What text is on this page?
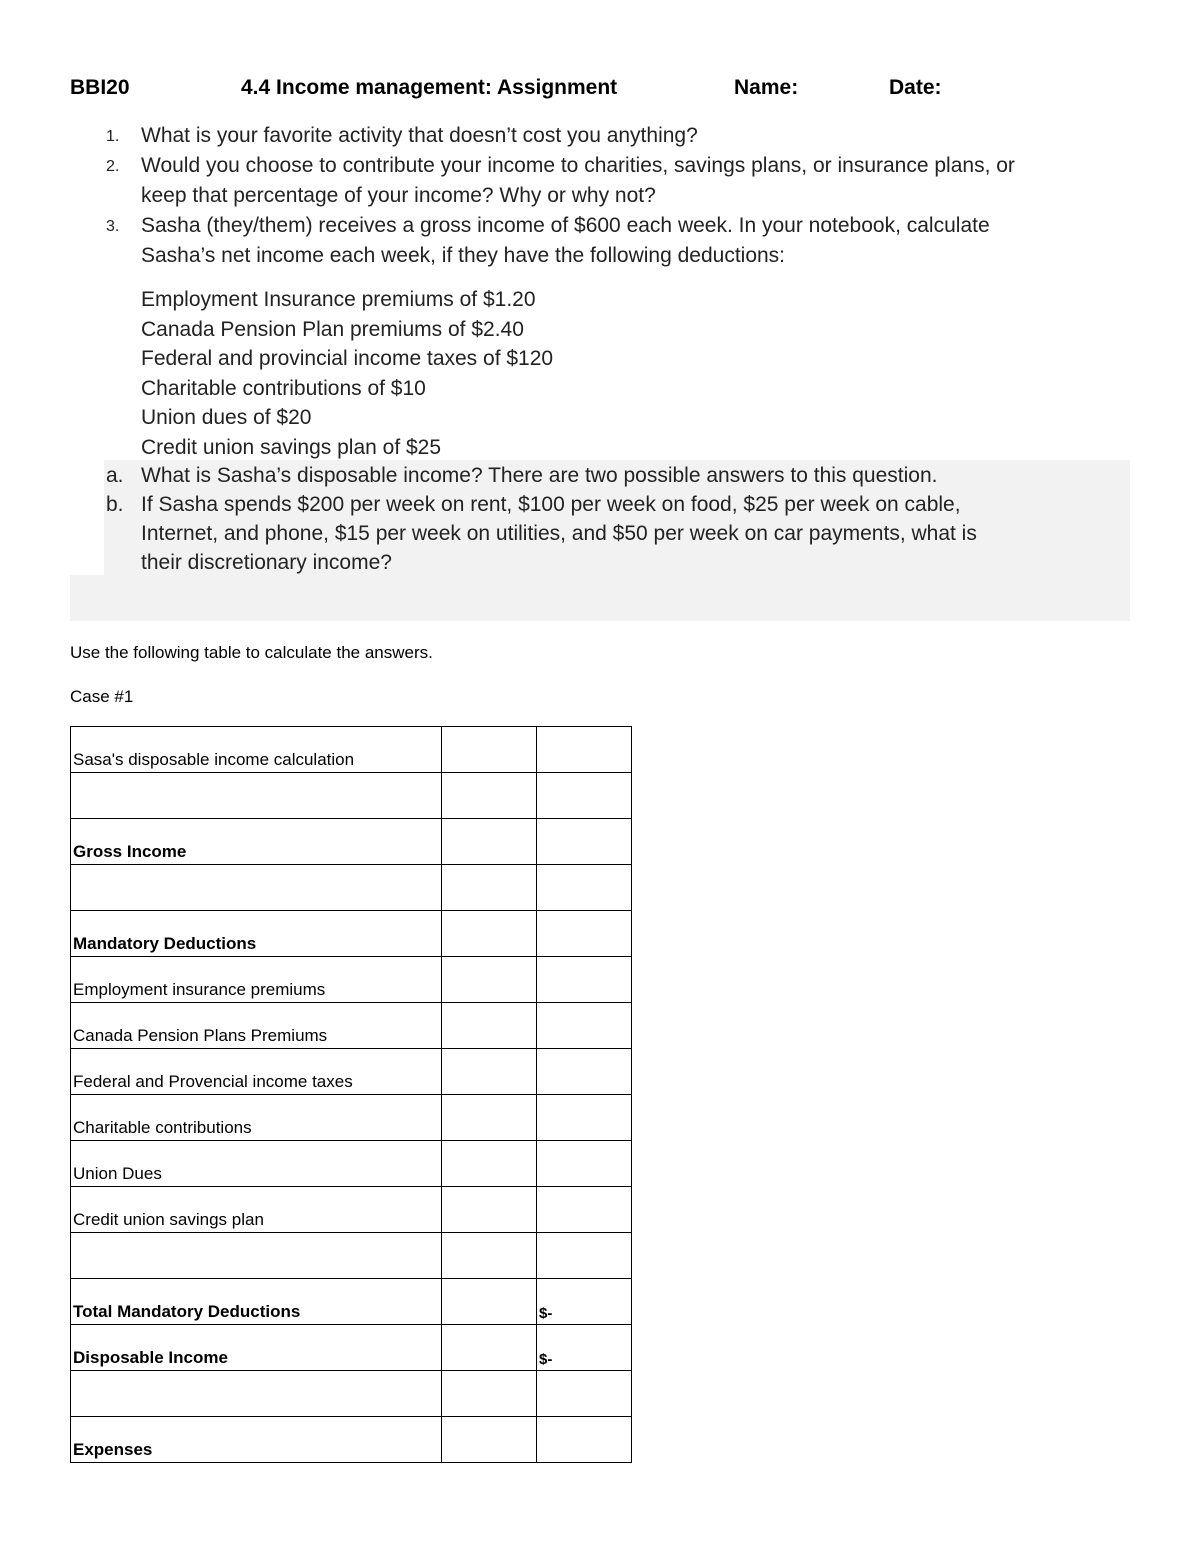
BBI20	4.4 Income management: Assignment	Name:	Date:
1. What is your favorite activity that doesn’t cost you anything?
2. Would you choose to contribute your income to charities, savings plans, or insurance plans, or
keep that percentage of your income? Why or why not?
3. Sasha (they/them) receives a gross income of $600 each week. In your notebook, calculate
Sasha’s net income each week, if they have the following deductions:
Employment Insurance premiums of $1.20
Canada Pension Plan premiums of $2.40
Federal and provincial income taxes of $120
Charitable contributions of $10
Union dues of $20
Credit union savings plan of $25
a. What is Sasha’s disposable income? There are two possible answers to this question.
b. If Sasha spends $200 per week on rent, $100 per week on food, $25 per week on cable,
Internet, and phone, $15 per week on utilities, and $50 per week on car payments, what is
their discretionary income?
Use the following table to calculate the answers.
Case #1
Sasa's disposable income calculation		

Gross Income		

Mandatory Deductions		
Employment insurance premiums		
Canada Pension Plans Premiums		
Federal and Provencial income taxes		
Charitable contributions		
Union Dues		
Credit union savings plan		

Total Mandatory Deductions		$-
Disposable Income		$-

Expenses		
